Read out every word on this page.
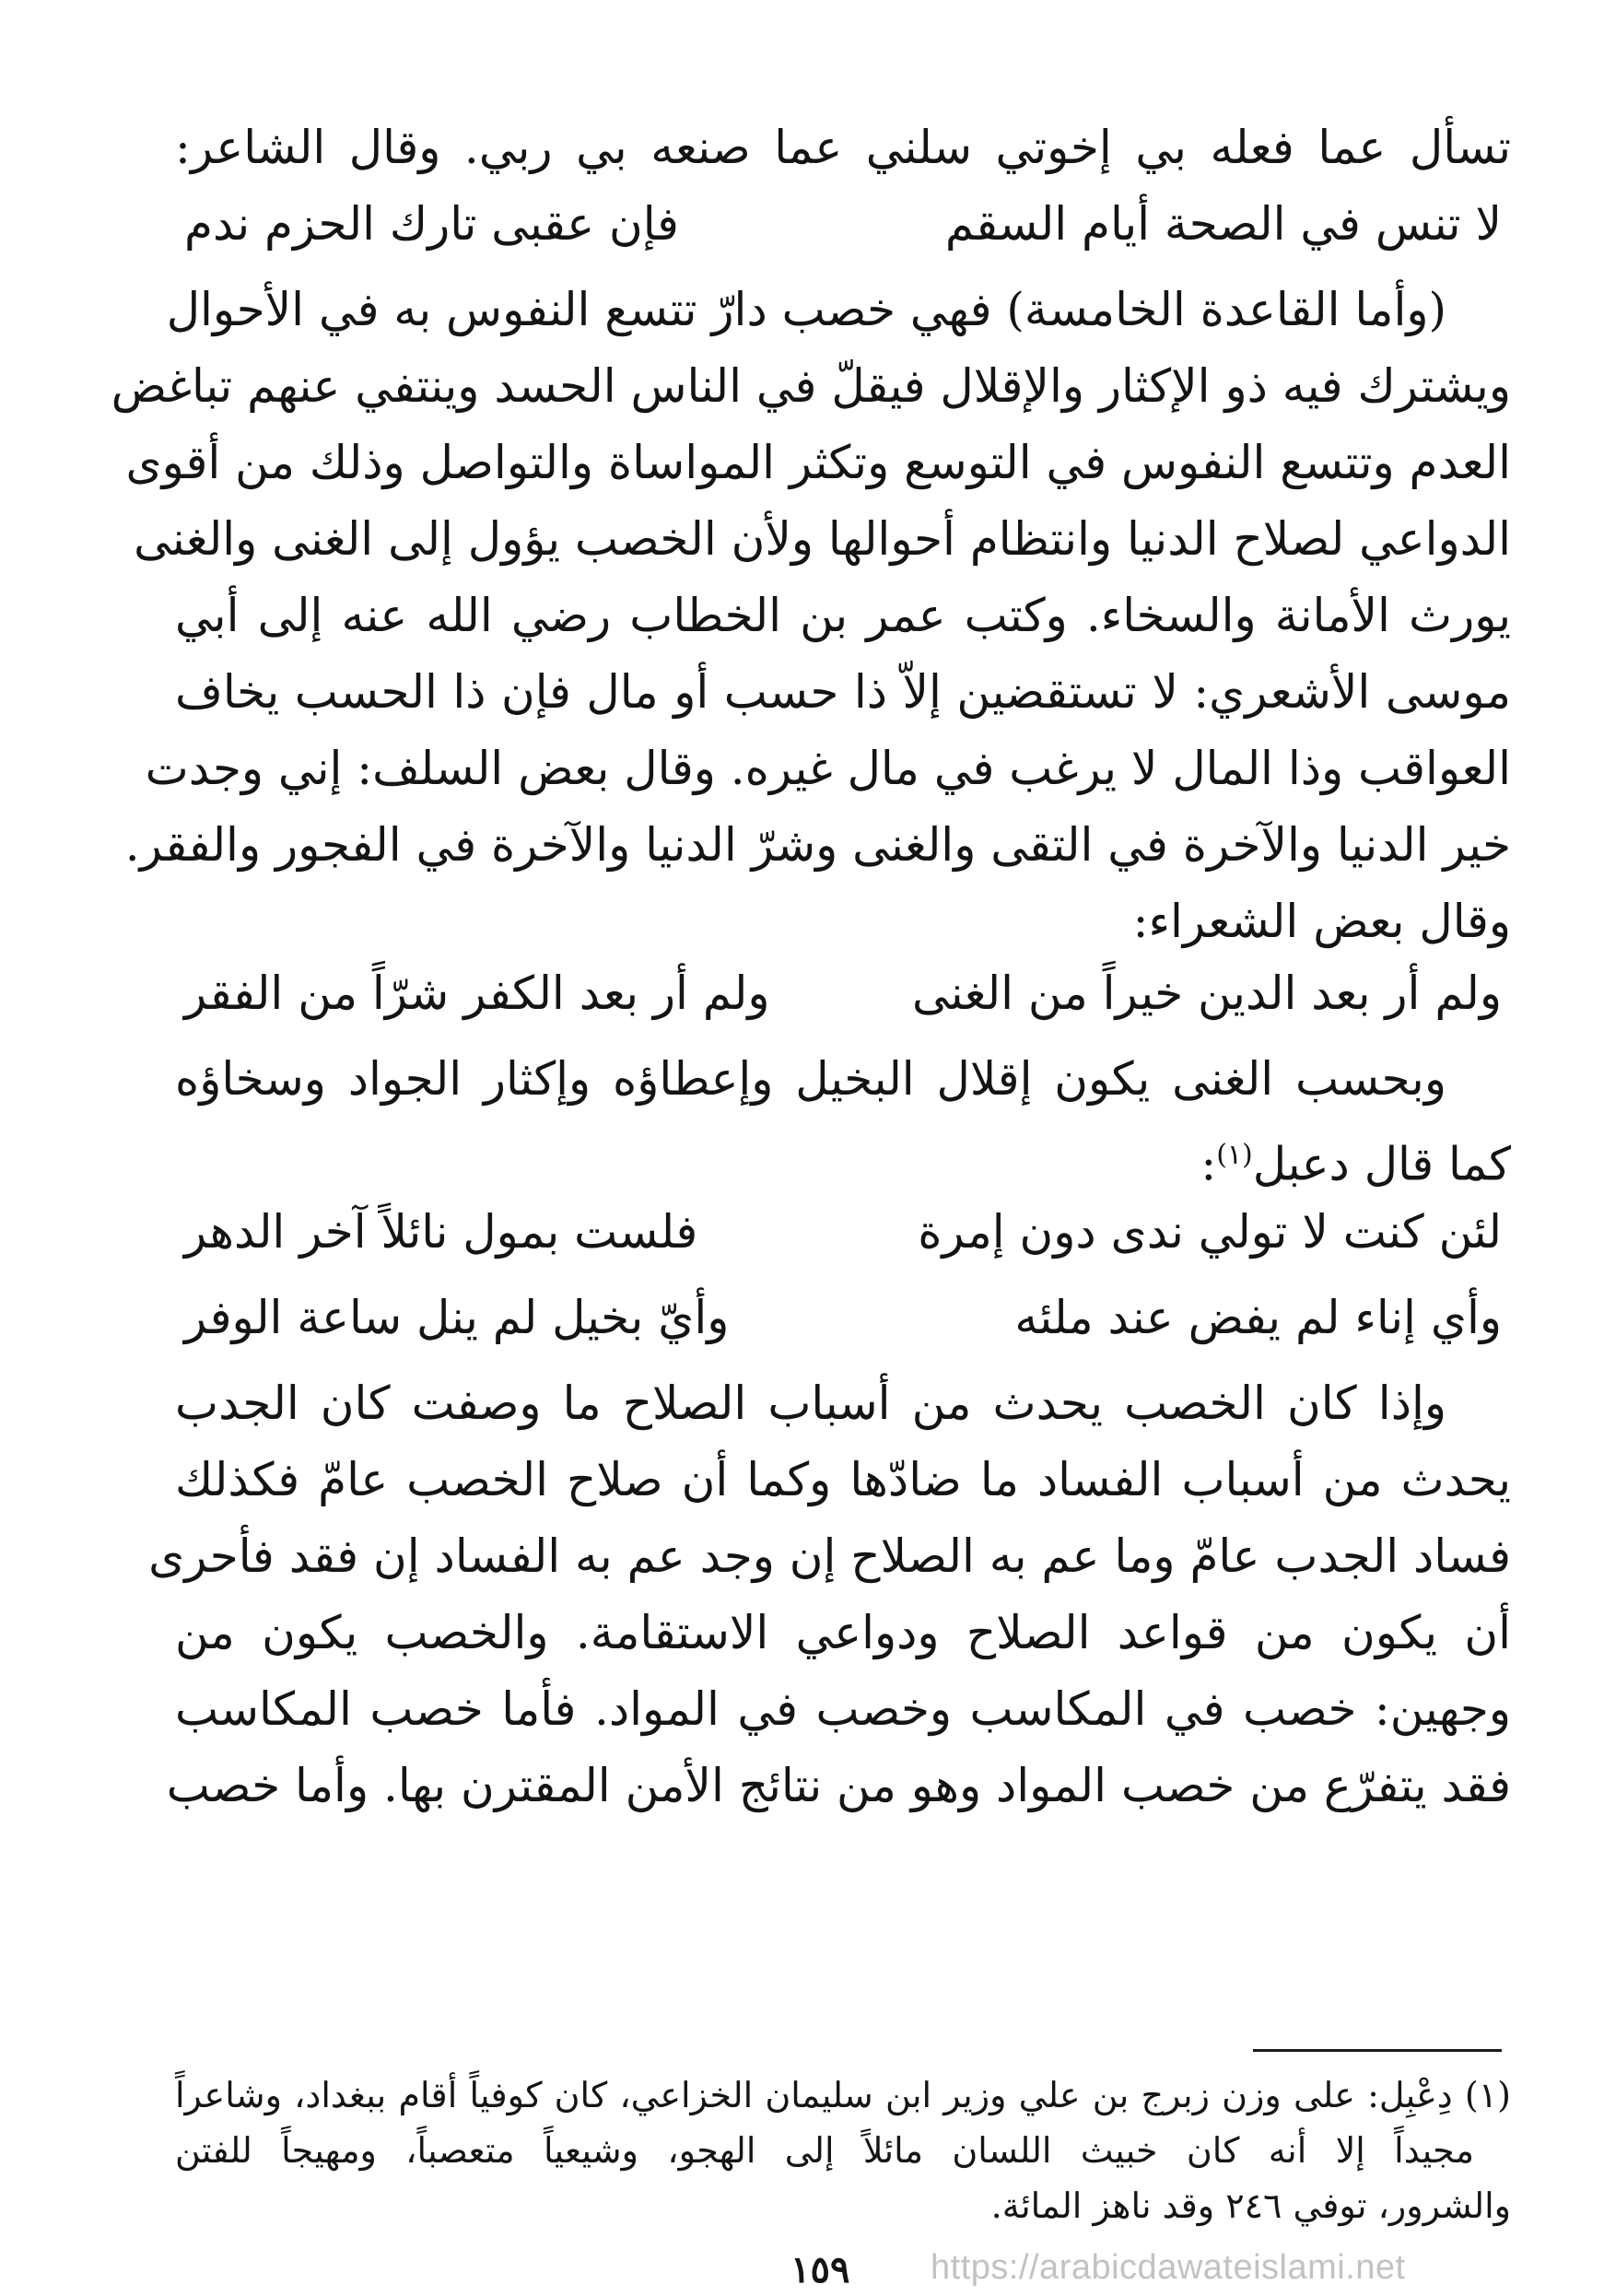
تسأل عما فعله بي إخوتي سلني عما صنعه بي ربي. وقال الشاعر:
لا تنس في الصحة أيام السقم
فإن عقبى تارك الحزم ندم
(وأما القاعدة الخامسة) فهي خصب دارّ تتسع النفوس به في الأحوال
ويشترك فيه ذو الإكثار والإقلال فيقلّ في الناس الحسد وينتفي عنهم تباغض
العدم وتتسع النفوس في التوسع وتكثر المواساة والتواصل وذلك من أقوى
الدواعي لصلاح الدنيا وانتظام أحوالها ولأن الخصب يؤول إلى الغنى والغنى
يورث الأمانة والسخاء. وكتب عمر بن الخطاب رضي الله عنه إلى أبي
موسى الأشعري: لا تستقضين إلاّ ذا حسب أو مال فإن ذا الحسب يخاف
العواقب وذا المال لا يرغب في مال غيره. وقال بعض السلف: إني وجدت
خير الدنيا والآخرة في التقى والغنى وشرّ الدنيا والآخرة في الفجور والفقر.
وقال بعض الشعراء:
ولم أر بعد الدين خيراً من الغنى
ولم أر بعد الكفر شرّاً من الفقر
وبحسب الغنى يكون إقلال البخيل وإعطاؤه وإكثار الجواد وسخاؤه
كما قال دعبل$^{(١)}$:
لئن كنت لا تولي ندى دون إمرة
فلست بمول نائلاً آخر الدهر
وأي إناء لم يفض عند ملئه
وأيّ بخيل لم ينل ساعة الوفر
وإذا كان الخصب يحدث من أسباب الصلاح ما وصفت كان الجدب
يحدث من أسباب الفساد ما ضادّها وكما أن صلاح الخصب عامّ فكذلك
فساد الجدب عامّ وما عم به الصلاح إن وجد عم به الفساد إن فقد فأحرى
أن يكون من قواعد الصلاح ودواعي الاستقامة. والخصب يكون من
وجهين: خصب في المكاسب وخصب في المواد. فأما خصب المكاسب
فقد يتفرّع من خصب المواد وهو من نتائج الأمن المقترن بها. وأما خصب
(١) دِعْبِل: على وزن زبرج بن علي وزير ابن سليمان الخزاعي، كان كوفياً أقام ببغداد، وشاعراً
مجيداً إلا أنه كان خبيث اللسان مائلاً إلى الهجو، وشيعياً متعصباً، ومهيجاً للفتن
والشرور، توفي ٢٤٦ وقد ناهز المائة.
١٥٩ https://arabicdawateislami.net
